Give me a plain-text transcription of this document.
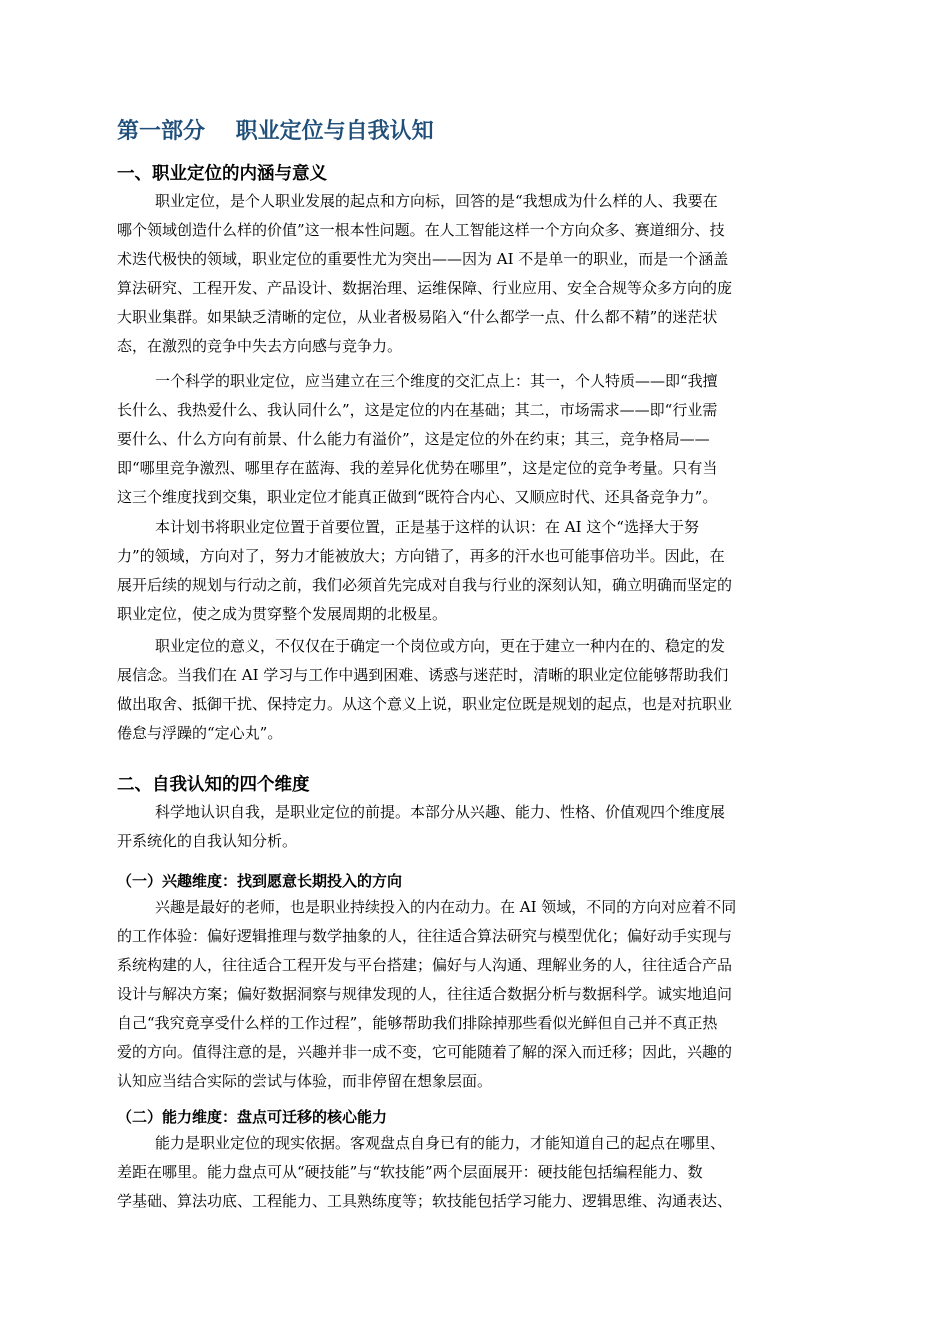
第一部分    职业定位与自我认知
一、职业定位的内涵与意义
职业定位，是个人职业发展的起点和方向标，回答的是“我想成为什么样的人、我要在
哪个领域创造什么样的价值”这一根本性问题。在人工智能这样一个方向众多、赛道细分、技
术迭代极快的领域，职业定位的重要性尤为突出——因为 AI 不是单一的职业，而是一个涵盖
算法研究、工程开发、产品设计、数据治理、运维保障、行业应用、安全合规等众多方向的庞
大职业集群。如果缺乏清晰的定位，从业者极易陷入“什么都学一点、什么都不精”的迷茫状
态，在激烈的竞争中失去方向感与竞争力。
一个科学的职业定位，应当建立在三个维度的交汇点上：其一，个人特质——即“我擅
长什么、我热爱什么、我认同什么”，这是定位的内在基础；其二，市场需求——即“行业需
要什么、什么方向有前景、什么能力有溢价”，这是定位的外在约束；其三，竞争格局——
即“哪里竞争激烈、哪里存在蓝海、我的差异化优势在哪里”，这是定位的竞争考量。只有当
这三个维度找到交集，职业定位才能真正做到“既符合内心、又顺应时代、还具备竞争力”。
本计划书将职业定位置于首要位置，正是基于这样的认识：在 AI 这个“选择大于努
力”的领域，方向对了，努力才能被放大；方向错了，再多的汗水也可能事倍功半。因此，在
展开后续的规划与行动之前，我们必须首先完成对自我与行业的深刻认知，确立明确而坚定的
职业定位，使之成为贯穿整个发展周期的北极星。
职业定位的意义，不仅仅在于确定一个岗位或方向，更在于建立一种内在的、稳定的发
展信念。当我们在 AI 学习与工作中遇到困难、诱惑与迷茫时，清晰的职业定位能够帮助我们
做出取舍、抵御干扰、保持定力。从这个意义上说，职业定位既是规划的起点，也是对抗职业
倦怠与浮躁的“定心丸”。
二、自我认知的四个维度
科学地认识自我，是职业定位的前提。本部分从兴趣、能力、性格、价值观四个维度展
开系统化的自我认知分析。
（一）兴趣维度：找到愿意长期投入的方向
兴趣是最好的老师，也是职业持续投入的内在动力。在 AI 领域，不同的方向对应着不同
的工作体验：偏好逻辑推理与数学抽象的人，往往适合算法研究与模型优化；偏好动手实现与
系统构建的人，往往适合工程开发与平台搭建；偏好与人沟通、理解业务的人，往往适合产品
设计与解决方案；偏好数据洞察与规律发现的人，往往适合数据分析与数据科学。诚实地追问
自己“我究竟享受什么样的工作过程”，能够帮助我们排除掉那些看似光鲜但自己并不真正热
爱的方向。值得注意的是，兴趣并非一成不变，它可能随着了解的深入而迁移；因此，兴趣的
认知应当结合实际的尝试与体验，而非停留在想象层面。
（二）能力维度：盘点可迁移的核心能力
能力是职业定位的现实依据。客观盘点自身已有的能力，才能知道自己的起点在哪里、
差距在哪里。能力盘点可从“硬技能”与“软技能”两个层面展开：硬技能包括编程能力、数
学基础、算法功底、工程能力、工具熟练度等；软技能包括学习能力、逻辑思维、沟通表达、
